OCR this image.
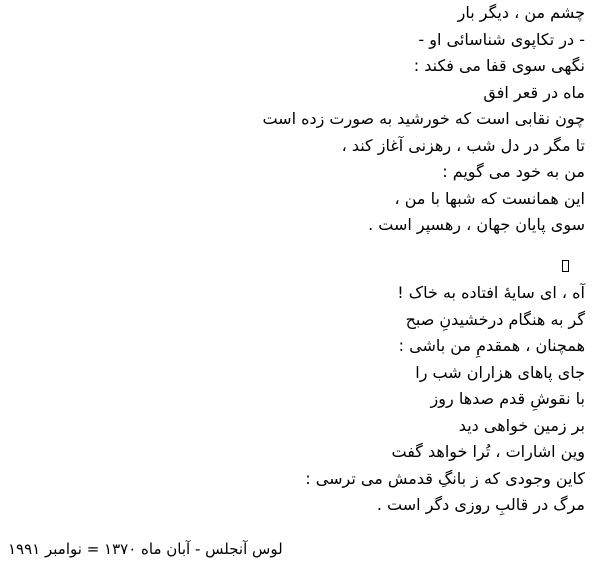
چشم من ، دیگر بار
- در تکاپوی شناسائی او -
نگهی سوی قفا می فکند :
ماه در قعر افق
چون نقابی است که خورشید به صورت زده است
تا مگر در دل شب ، رهزنی آغاز کند ،
من به خود می گویم :
این همانست که شبها با من ،
سوی پایان جهان ، رهسپر است .
آه ، ای سایهٔ افتاده به خاک !
گر به هنگام درخشیدنِ صبح
همچنان ، همقدمِ من باشی :
جای پاهای هزاران شب را
با نقوشِ قدم صدها روز
بر زمین خواهی دید
وین اشارات ، تُرا خواهد گفت
کاین وجودی که ز بانگِ قدمش می ترسی :
مرگ در قالبِ روزی دگر است .
لوس آنجلس - آبان ماه ۱۳۷۰ = نوامبر ۱۹۹۱
